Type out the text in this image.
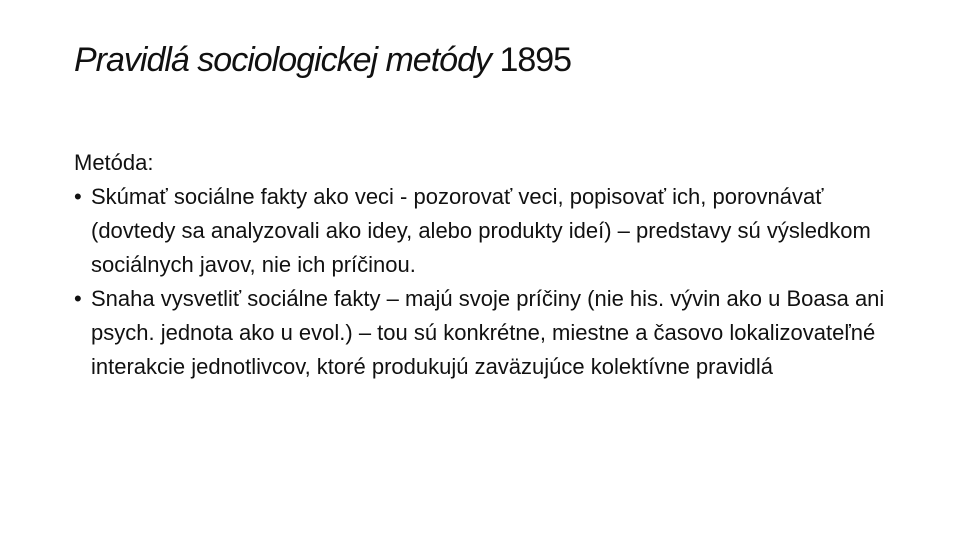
Pravidlá sociologickej metódy 1895

Metóda:

• Skúmať sociálne fakty ako veci - pozorovať veci, popisovať ich, porovnávať (dovtedy sa analyzovali ako idey, alebo produkty ideí) – predstavy sú výsledkom sociálnych javov, nie ich príčinou.
• Snaha vysvetliť sociálne fakty – majú svoje príčiny (nie his. vývin ako u Boasa ani psych. jednota ako u evol.) – tou sú konkrétne, miestne a časovo lokalizovateľné interakcie jednotlivcov, ktoré produkujú zaväzujúce kolektívne pravidlá
